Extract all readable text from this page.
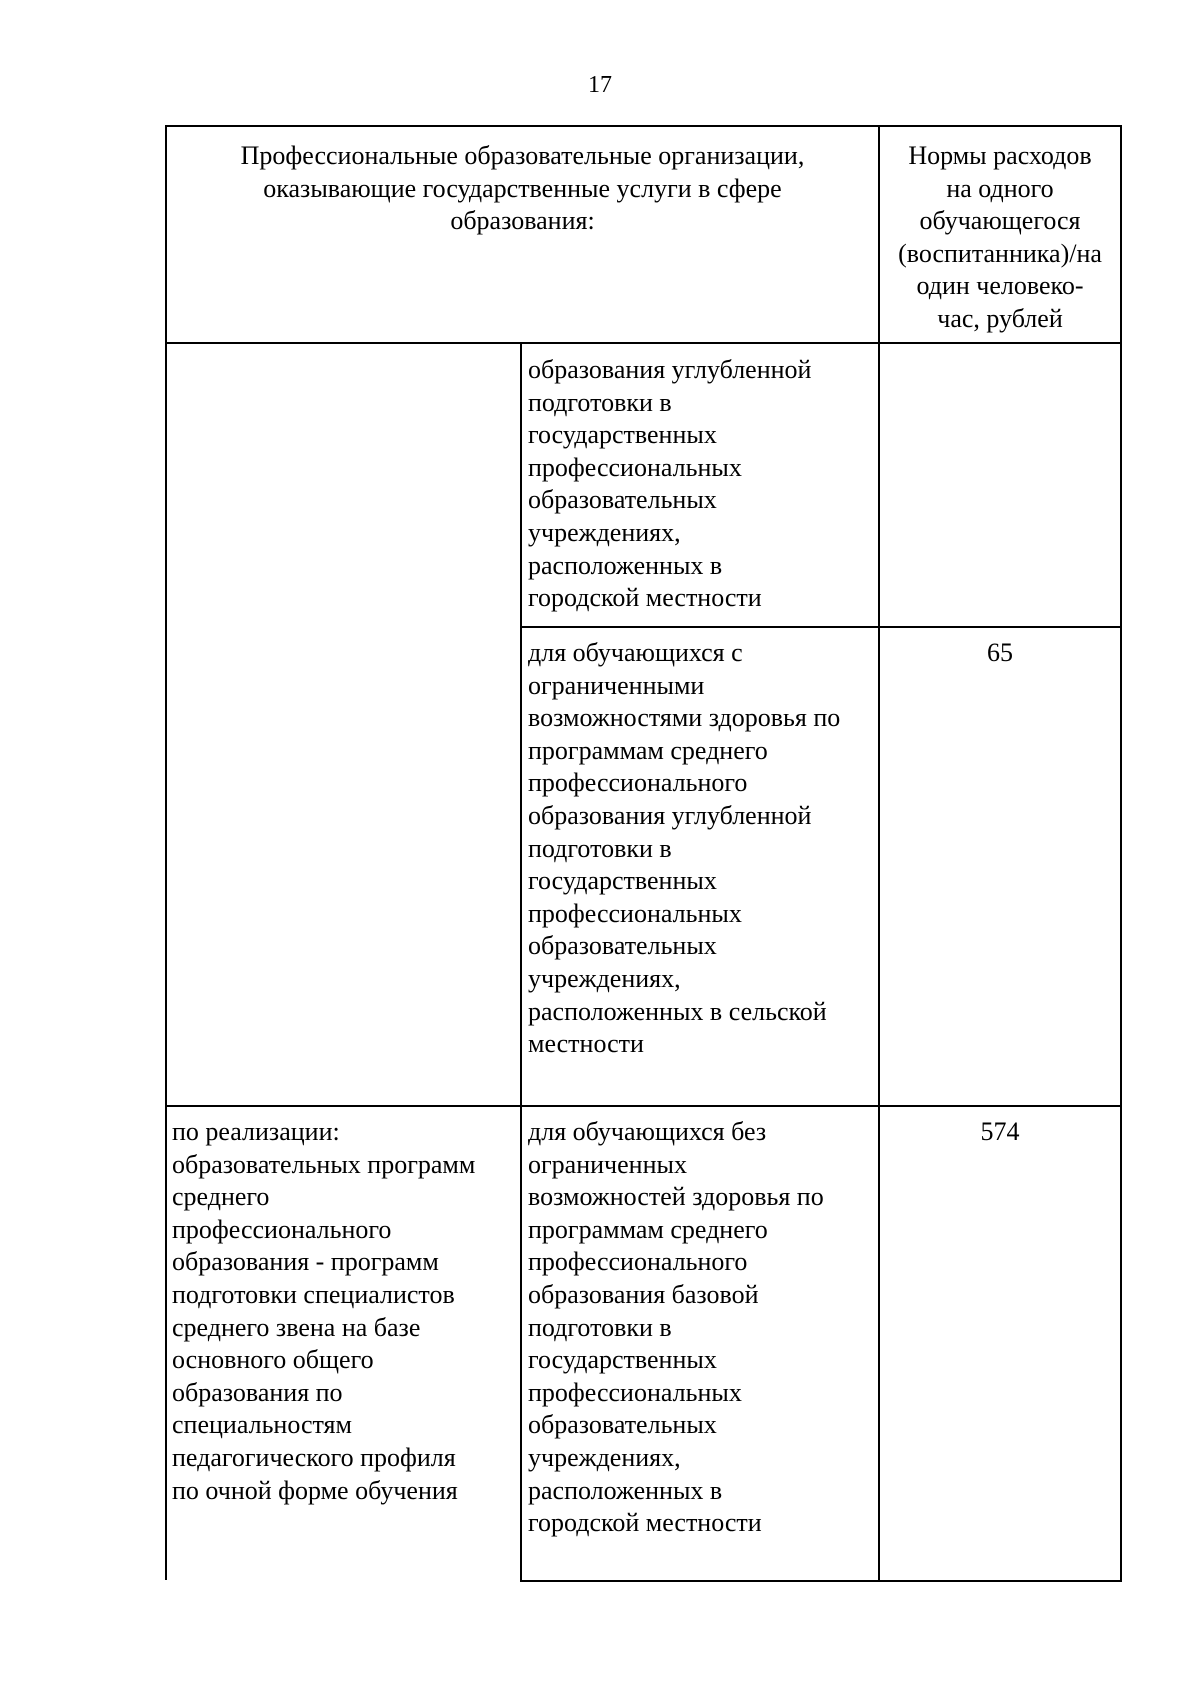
17
Профессиональные образовательные организации,
оказывающие государственные услуги в сфере
образования:
Нормы расходов
на одного
обучающегося
(воспитанника)/на
один человеко-
час, рублей
образования углубленной
подготовки в
государственных
профессиональных
образовательных
учреждениях,
расположенных в
городской местности
для обучающихся с
ограниченными
возможностями здоровья по
программам среднего
профессионального
образования углубленной
подготовки в
государственных
профессиональных
образовательных
учреждениях,
расположенных в сельской
местности
65
по реализации:
образовательных программ
среднего
профессионального
образования - программ
подготовки специалистов
среднего звена на базе
основного общего
образования по
специальностям
педагогического профиля
по очной форме обучения
для обучающихся без
ограниченных
возможностей здоровья по
программам среднего
профессионального
образования базовой
подготовки в
государственных
профессиональных
образовательных
учреждениях,
расположенных в
городской местности
574
